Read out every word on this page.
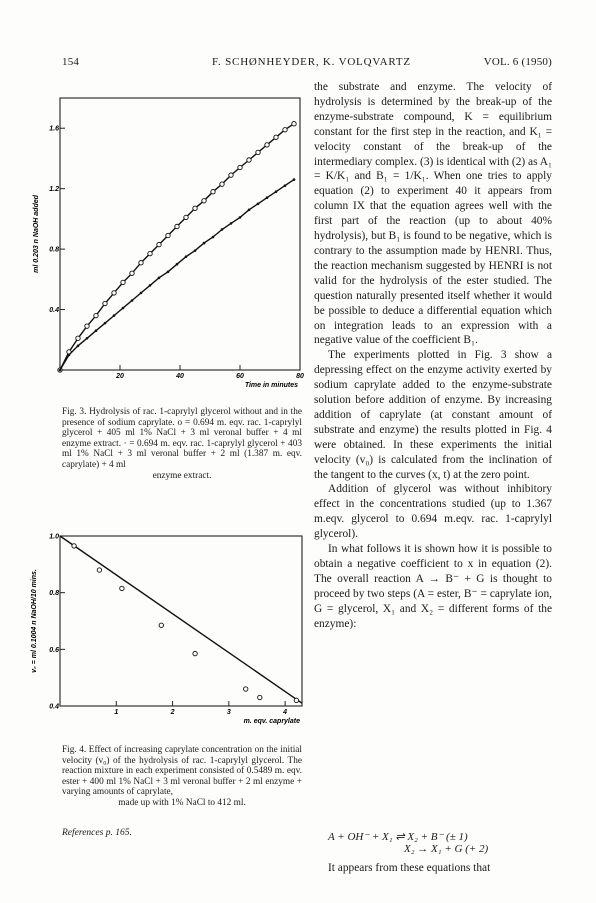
154	F. SCHØNHEYDER, K. VOLQVARTZ	VOL. 6 (1950)
20	40	60	80
0.4
0.8
1.2
1.6
Time in minutes
ml 0.203 n NaOH added
Fig. 3. Hydrolysis of rac. 1-caprylyl glycerol without and in the presence of sodium caprylate. o = 0.694 m. eqv. rac. 1-caprylyl glycerol + 405 ml 1% NaCl + 3 ml veronal buffer + 4 ml enzyme extract. · = 0.694 m. eqv. rac. 1-caprylyl glycerol + 403 ml 1% NaCl + 3 ml veronal buffer + 2 ml (1.387 m. eqv. caprylate) + 4 ml
enzyme extract.
1	2	3	4
0.4
0.6
0.8
1.0
m. eqv. caprylate
v₀ = ml 0.1004 n NaOH/10 mins.
Fig. 4. Effect of increasing caprylate concentration on the initial velocity (v₀) of the hydrolysis of rac. 1-caprylyl glycerol. The reaction mixture in each experiment consisted of 0.5489 m. eqv. ester + 400 ml 1% NaCl + 3 ml veronal buffer + 2 ml enzyme + varying amounts of caprylate,
made up with 1% NaCl to 412 ml.
References p. 165.

the substrate and enzyme. The velocity of hydrolysis is determined by the break-up of the enzyme-substrate compound, K = equilibrium constant for the first step in the reaction, and K₁ = velocity constant of the break-up of the intermediary complex. (3) is identical with (2) as A₁ = K/K₁ and B₁ = 1/K₁. When one tries to apply equation (2) to experiment 40 it appears from column IX that the equation agrees well with the first part of the reaction (up to about 40% hydrolysis), but B₁ is found to be negative, which is contrary to the assumption made by HENRI. Thus, the reaction mechanism suggested by HENRI is not valid for the hydrolysis of the ester studied. The question naturally presented itself whether it would be possible to deduce a differential equation which on integration leads to an expression with a negative value of the coefficient B₁.

The experiments plotted in Fig. 3 show a depressing effect on the enzyme activity exerted by sodium caprylate added to the enzyme-substrate solution before addition of enzyme. By increasing addition of caprylate (at constant amount of substrate and enzyme) the results plotted in Fig. 4 were obtained. In these experiments the initial velocity (v₀) is calculated from the inclination of the tangent to the curves (x, t) at the zero point.

Addition of glycerol was without inhibitory effect in the concentrations studied (up to 1.367 m.eqv. glycerol to 0.694 m.eqv. rac. 1-caprylyl glycerol).

In what follows it is shown how it is possible to obtain a negative coefficient to x in equation (2). The overall reaction A → B⁻ + G is thought to proceed by two steps (A = ester, B⁻ = caprylate ion, G = glycerol, X₁ and X₂ = different forms of the enzyme):

A + OH⁻ + X₁ ⇌ X₂ + B⁻ (± 1)
X₂ → X₁ + G (+ 2)

It appears from these equations that
